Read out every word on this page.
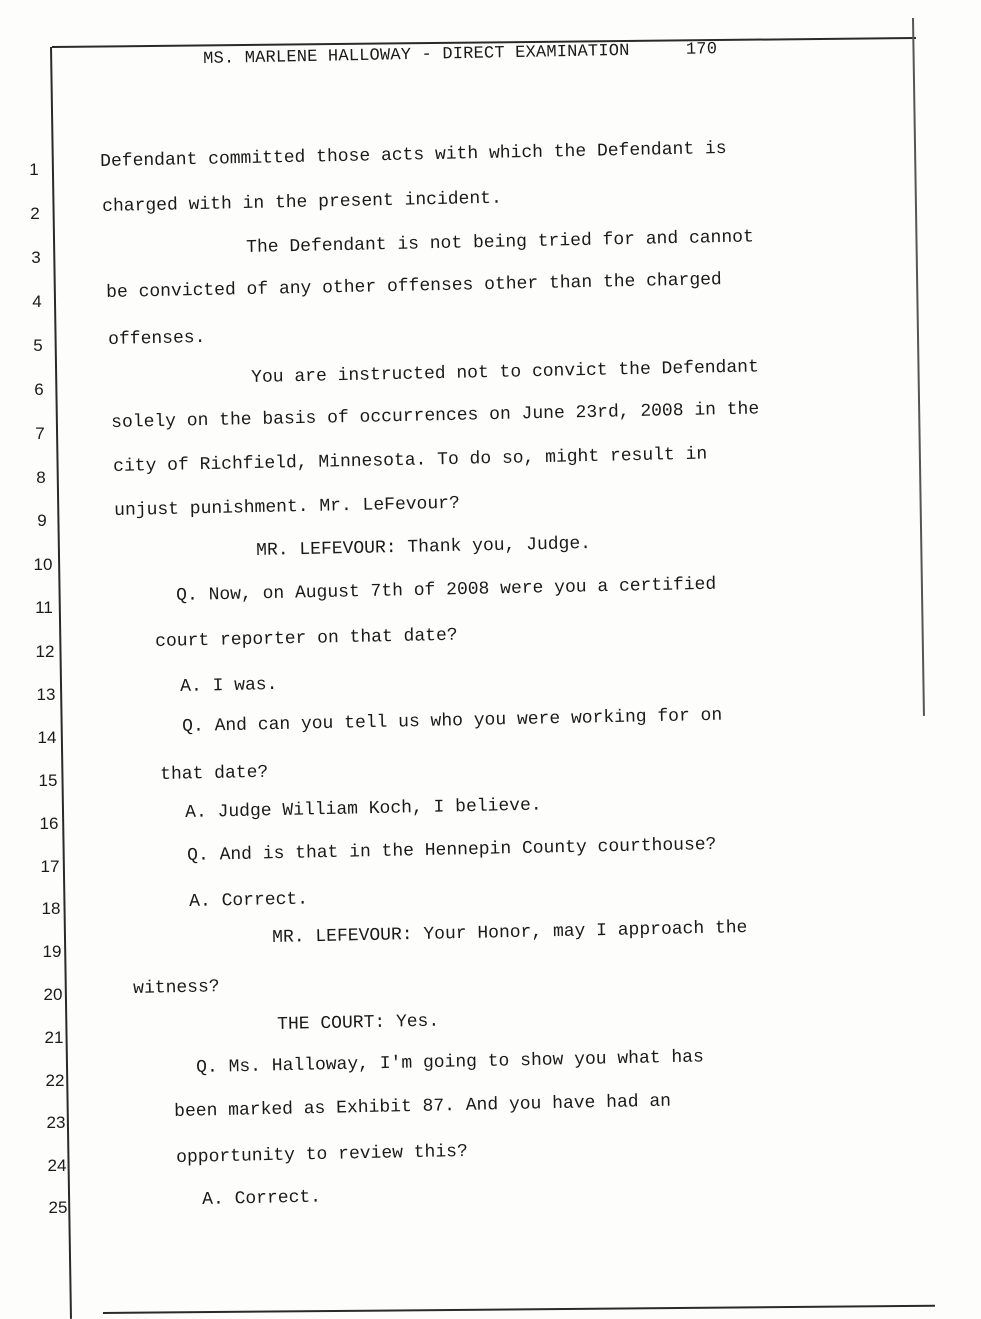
MS. MARLENE HALLOWAY - DIRECT EXAMINATION	170
1
2
3
4
5
6
7
8
9
10
11
12
13
14
15
16
17
18
19
20
21
22
23
24
25
Defendant committed those acts with which the Defendant is
charged with in the present incident.
The Defendant is not being tried for and cannot
be convicted of any other offenses other than the charged
offenses.
You are instructed not to convict the Defendant
solely on the basis of occurrences on June 23rd, 2008 in the
city of Richfield, Minnesota. To do so, might result in
unjust punishment. Mr. LeFevour?
MR. LEFEVOUR: Thank you, Judge.
Q. Now, on August 7th of 2008 were you a certified
court reporter on that date?
A. I was.
Q. And can you tell us who you were working for on
that date?
A. Judge William Koch, I believe.
Q. And is that in the Hennepin County courthouse?
A. Correct.
MR. LEFEVOUR: Your Honor, may I approach the
witness?
THE COURT: Yes.
Q. Ms. Halloway, I'm going to show you what has
been marked as Exhibit 87. And you have had an
opportunity to review this?
A. Correct.
